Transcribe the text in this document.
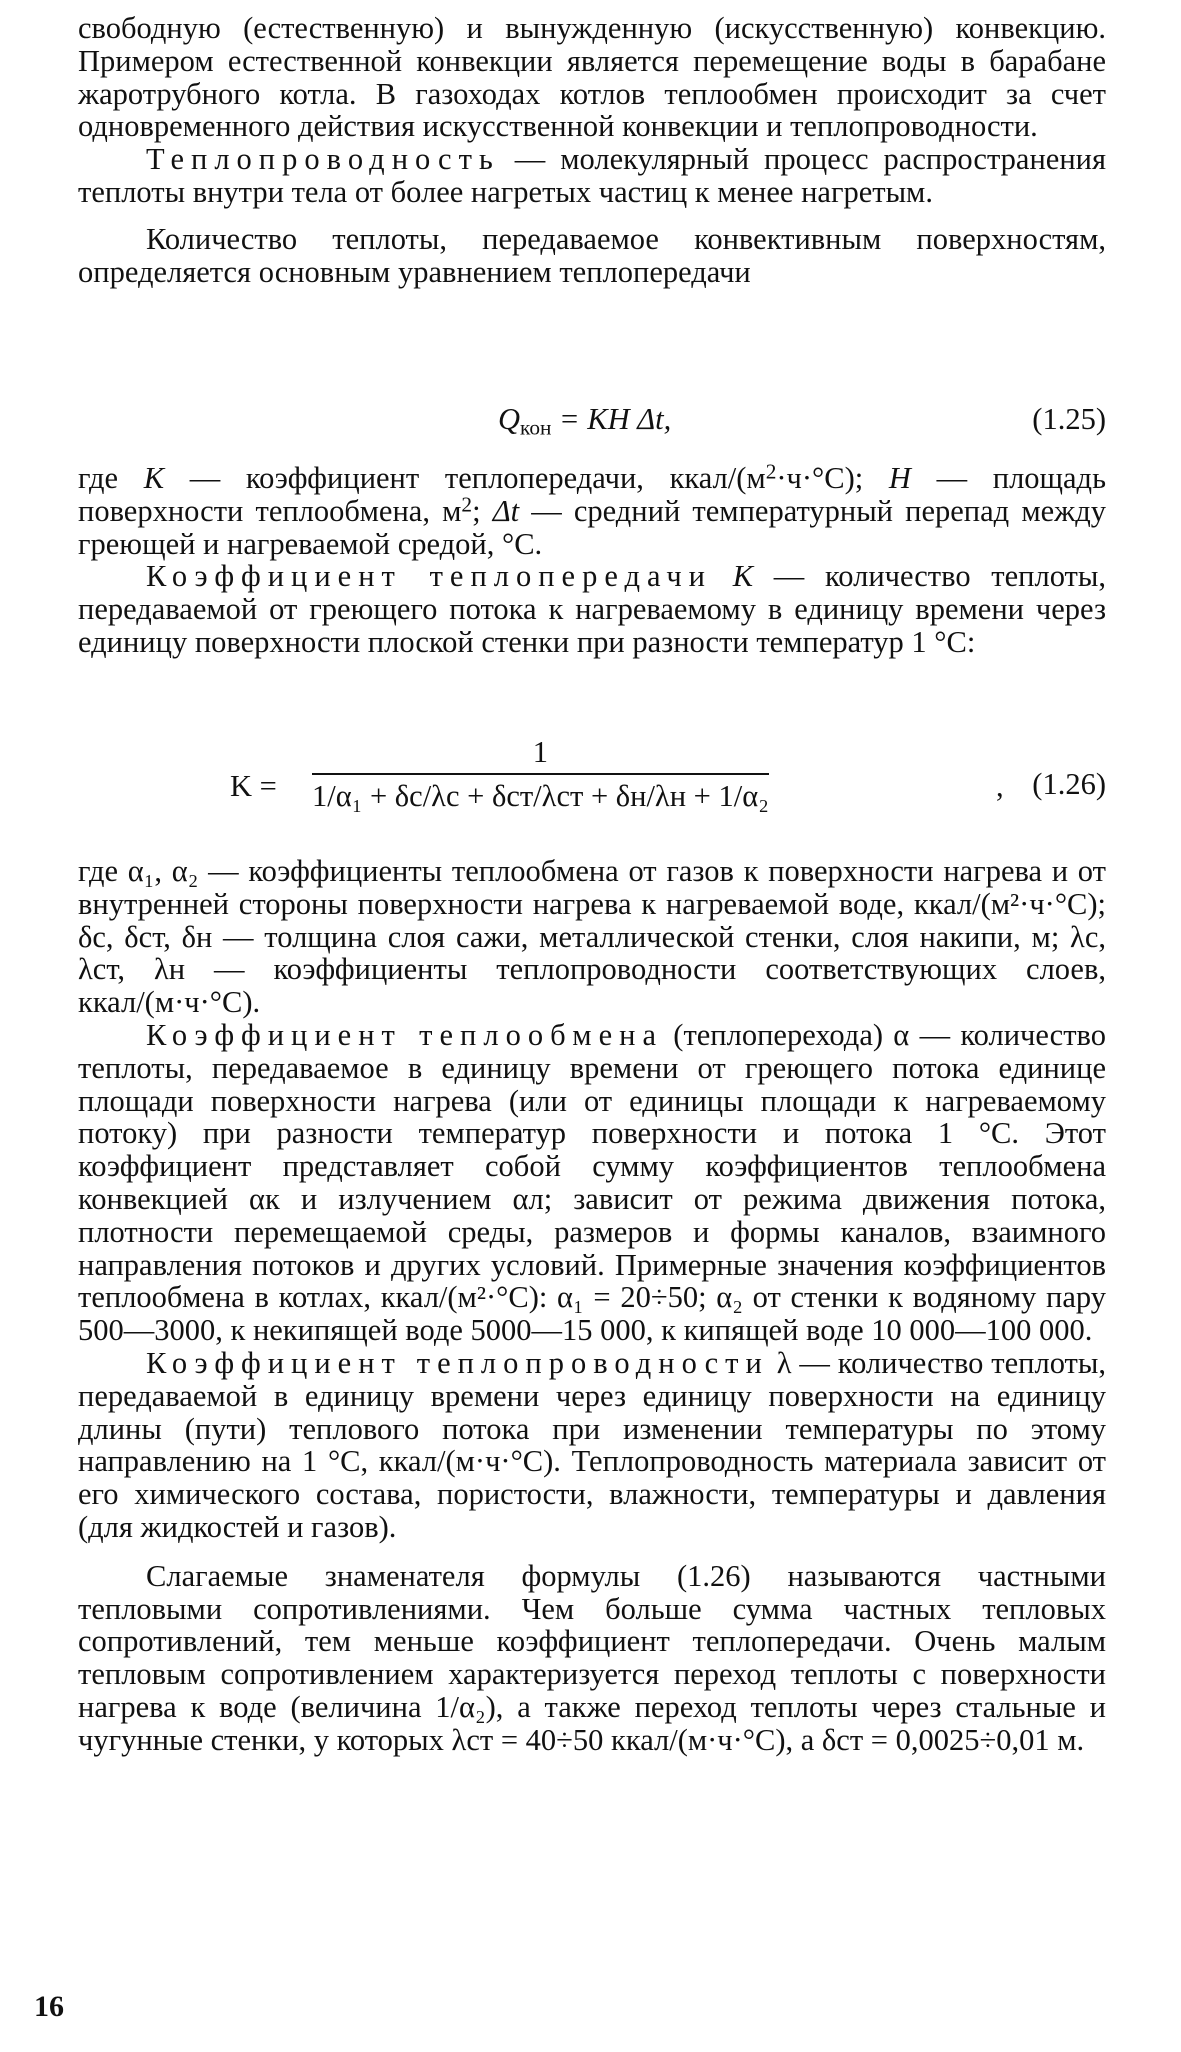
свободную (естественную) и вынужденную (искусственную) конвекцию. Примером естественной конвекции является перемещение воды в барабане жаротрубного котла. В газоходах котлов теплообмен происходит за счет одновременного действия искусственной конвекции и теплопроводности.

Теплопроводность — молекулярный процесс распространения теплоты внутри тела от более нагретых частиц к менее нагретым.

Количество теплоты, передаваемое конвективным поверхностям, определяется основным уравнением теплопередачи

$Q_{кон}$ = KH Δt,	(1.25)

где K — коэффициент теплопередачи, ккал/$(м^2\cdot ч\cdot^\circ С)$; H — площадь поверхности теплообмена, $м^2$; Δt — средний температурный перепад между греющей и нагреваемой средой, °С.

Коэффициент теплопередачи K — количество теплоты, передаваемой от греющего потока к нагреваемому в единицу времени через единицу поверхности плоской стенки при разности температур 1 °С:

K =
1
1/α₁ + δс/λс + δст/λст + δн/λн + 1/α₂	, (1.26)

где α₁, α₂ — коэффициенты теплообмена от газов к поверхности нагрева и от внутренней стороны поверхности нагрева к нагреваемой воде, ккал/(м²·ч·°С); δс, δст, δн — толщина слоя сажи, металлической стенки, слоя накипи, м; λс, λст, λн — коэффициенты теплопроводности соответствующих слоев, ккал/(м·ч·°С).

Коэффициент теплообмена (теплоперехода) α — количество теплоты, передаваемое в единицу времени от греющего потока единице площади поверхности нагрева (или от единицы площади к нагреваемому потоку) при разности температур поверхности и потока 1 °С. Этот коэффициент представляет собой сумму коэффициентов теплообмена конвекцией αк и излучением αл; зависит от режима движения потока, плотности перемещаемой среды, размеров и формы каналов, взаимного направления потоков и других условий. Примерные значения коэффициентов теплообмена в котлах, ккал/(м²·°С): α₁ = 20÷50; α₂ от стенки к водяному пару 500—3000, к некипящей воде 5000—15 000, к кипящей воде 10 000—100 000.

Коэффициент теплопроводности λ — количество теплоты, передаваемой в единицу времени через единицу поверхности на единицу длины (пути) теплового потока при изменении температуры по этому направлению на 1 °С, ккал/(м·ч·°С). Теплопроводность материала зависит от его химического состава, пористости, влажности, температуры и давления (для жидкостей и газов).

Слагаемые знаменателя формулы (1.26) называются частными тепловыми сопротивлениями. Чем больше сумма частных тепловых сопротивлений, тем меньше коэффициент теплопередачи. Очень малым тепловым сопротивлением характеризуется переход теплоты с поверхности нагрева к воде (величина 1/α₂), а также переход теплоты через стальные и чугунные стенки, у которых λст = 40÷50 ккал/(м·ч·°С), а δст = 0,0025÷0,01 м.

16
